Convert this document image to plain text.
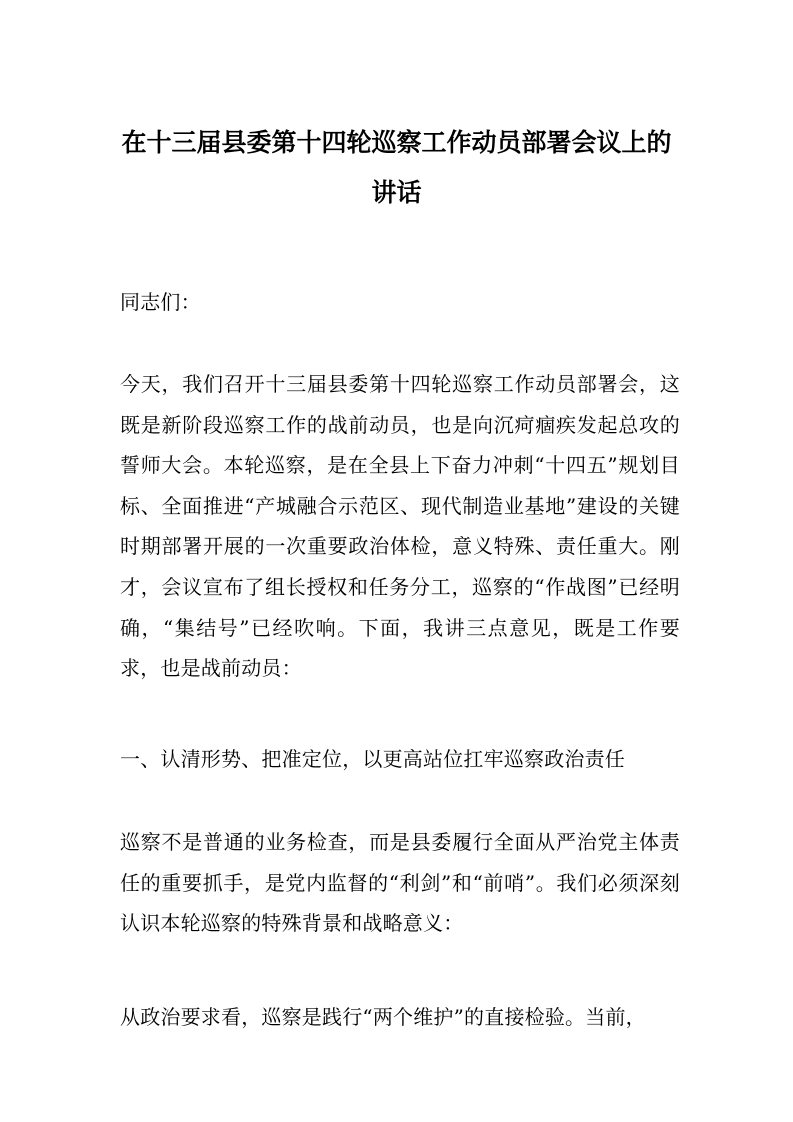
在十三届县委第十四轮巡察工作动员部署会议上的
讲话

同志们：

今天，我们召开十三届县委第十四轮巡察工作动员部署会，这既是新阶段巡察工作的战前动员，也是向沉疴痼疾发起总攻的誓师大会。本轮巡察，是在全县上下奋力冲刺“十四五”规划目标、全面推进“产城融合示范区、现代制造业基地”建设的关键时期部署开展的一次重要政治体检，意义特殊、责任重大。刚才，会议宣布了组长授权和任务分工，巡察的“作战图”已经明确，“集结号”已经吹响。下面，我讲三点意见，既是工作要求，也是战前动员：

一、认清形势、把准定位，以更高站位扛牢巡察政治责任

巡察不是普通的业务检查，而是县委履行全面从严治党主体责任的重要抓手，是党内监督的“利剑”和“前哨”。我们必须深刻认识本轮巡察的特殊背景和战略意义：

从政治要求看，巡察是践行“两个维护”的直接检验。当前，
